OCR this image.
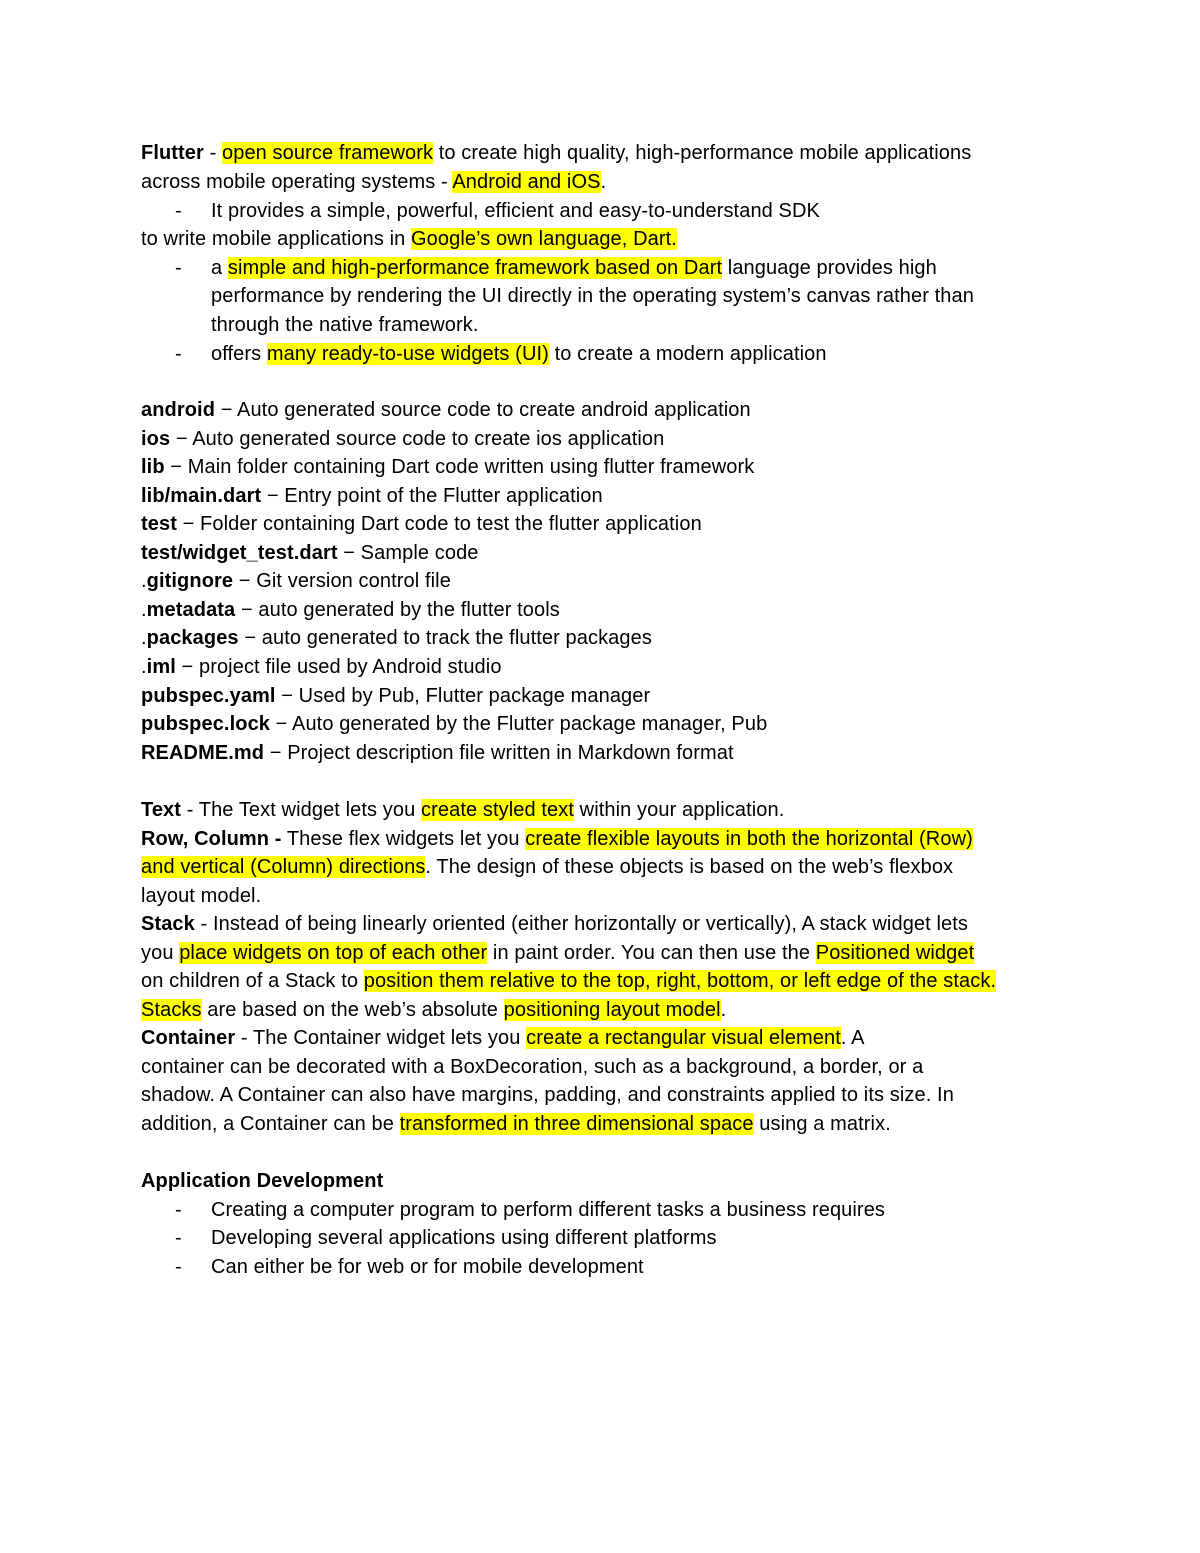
Flutter - open source framework to create high quality, high-performance mobile applications
across mobile operating systems - Android and iOS.
- It provides a simple, powerful, efficient and easy-to-understand SDK
to write mobile applications in Google’s own language, Dart.
- a simple and high-performance framework based on Dart language provides high
performance by rendering the UI directly in the operating system’s canvas rather than
through the native framework.
- offers many ready-to-use widgets (UI) to create a modern application
android − Auto generated source code to create android application
ios − Auto generated source code to create ios application
lib − Main folder containing Dart code written using flutter framework
lib/main.dart − Entry point of the Flutter application
test − Folder containing Dart code to test the flutter application
test/widget_test.dart − Sample code
.gitignore − Git version control file
.metadata − auto generated by the flutter tools
.packages − auto generated to track the flutter packages
.iml − project file used by Android studio
pubspec.yaml − Used by Pub, Flutter package manager
pubspec.lock − Auto generated by the Flutter package manager, Pub
README.md − Project description file written in Markdown format
Text - The Text widget lets you create styled text within your application.
Row, Column - These flex widgets let you create flexible layouts in both the horizontal (Row)
and vertical (Column) directions. The design of these objects is based on the web’s flexbox
layout model.
Stack - Instead of being linearly oriented (either horizontally or vertically), A stack widget lets
you place widgets on top of each other in paint order. You can then use the Positioned widget
on children of a Stack to position them relative to the top, right, bottom, or left edge of the stack.
Stacks are based on the web’s absolute positioning layout model.
Container - The Container widget lets you create a rectangular visual element. A
container can be decorated with a BoxDecoration, such as a background, a border, or a
shadow. A Container can also have margins, padding, and constraints applied to its size. In
addition, a Container can be transformed in three dimensional space using a matrix.
Application Development
- Creating a computer program to perform different tasks a business requires
- Developing several applications using different platforms
- Can either be for web or for mobile development
